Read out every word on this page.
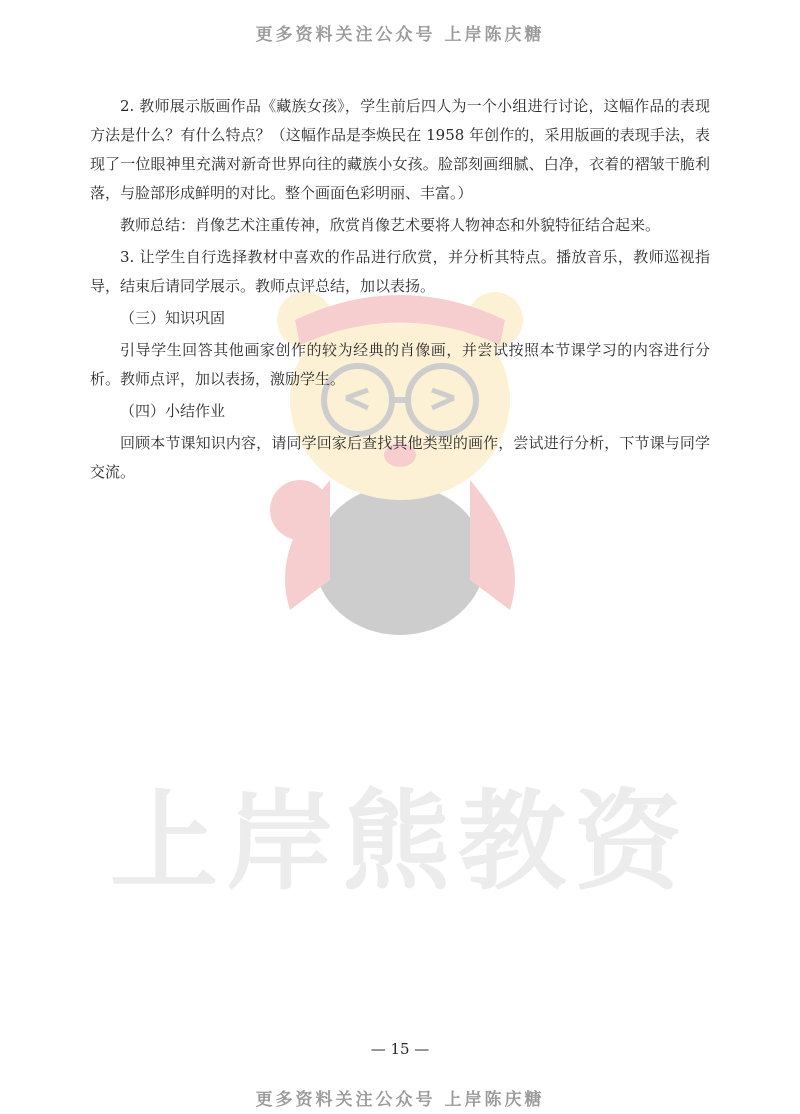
更多资料关注公众号 上岸陈庆糖
上岸熊教资

2. 教师展示版画作品《藏族女孩》，学生前后四人为一个小组进行讨论，这幅作品的表现方法是什么？有什么特点？（这幅作品是李焕民在 1958 年创作的，采用版画的表现手法，表现了一位眼神里充满对新奇世界向往的藏族小女孩。脸部刻画细腻、白净，衣着的褶皱干脆利落，与脸部形成鲜明的对比。整个画面色彩明丽、丰富。）

教师总结：肖像艺术注重传神，欣赏肖像艺术要将人物神态和外貌特征结合起来。

3. 让学生自行选择教材中喜欢的作品进行欣赏，并分析其特点。播放音乐，教师巡视指导，结束后请同学展示。教师点评总结，加以表扬。

（三）知识巩固

引导学生回答其他画家创作的较为经典的肖像画，并尝试按照本节课学习的内容进行分析。教师点评，加以表扬，激励学生。

（四）小结作业

回顾本节课知识内容，请同学回家后查找其他类型的画作，尝试进行分析，下节课与同学交流。

— 15 —
更多资料关注公众号 上岸陈庆糖
